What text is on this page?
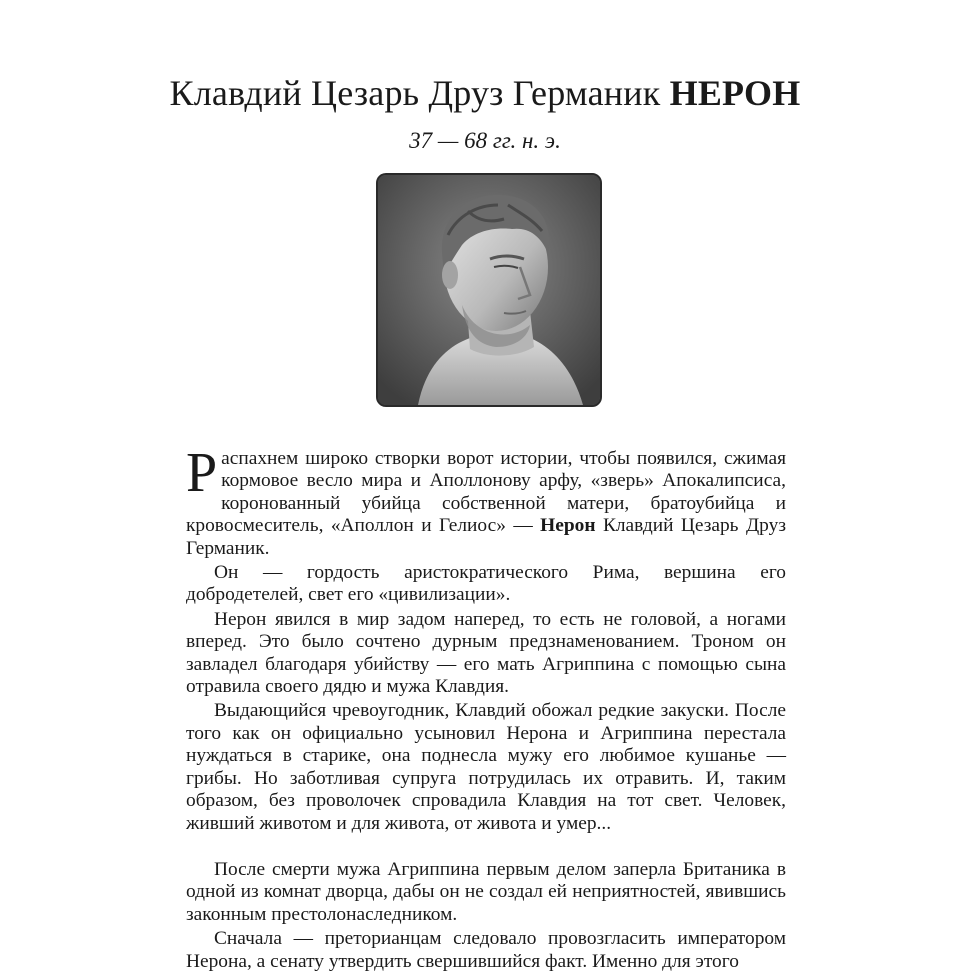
Клавдий Цезарь Друз Германик НЕРОН
37 — 68 гг. н. э.

Распахнем широко створки ворот истории, чтобы появился, сжимая кормовое весло мира и Аполлонову арфу, «зверь» Апокалипсиса, коронованный убийца собственной матери, братоубийца и кровосмеситель, «Аполлон и Гелиос» — Нерон Клавдий Цезарь Друз Германик.

Он — гордость аристократического Рима, вершина его добродетелей, свет его «цивилизации».

Нерон явился в мир задом наперед, то есть не головой, а ногами вперед. Это было сочтено дурным предзнаменованием. Троном он завладел благодаря убийству — его мать Агриппина с помощью сына отравила своего дядю и мужа Клавдия.

Выдающийся чревоугодник, Клавдий обожал редкие закуски. После того как он официально усыновил Нерона и Агриппина перестала нуждаться в старике, она поднесла мужу его любимое кушанье — грибы. Но заботливая супруга потрудилась их отравить. И, таким образом, без проволочек спровадила Клавдия на тот свет. Человек, живший животом и для живота, от живота и умер...

После смерти мужа Агриппина первым делом заперла Британика в одной из комнат дворца, дабы он не создал ей неприятностей, явившись законным престолонаследником.

Сначала — преторианцам следовало провозгласить императором Нерона, а сенату утвердить свершившийся факт. Именно для этого
